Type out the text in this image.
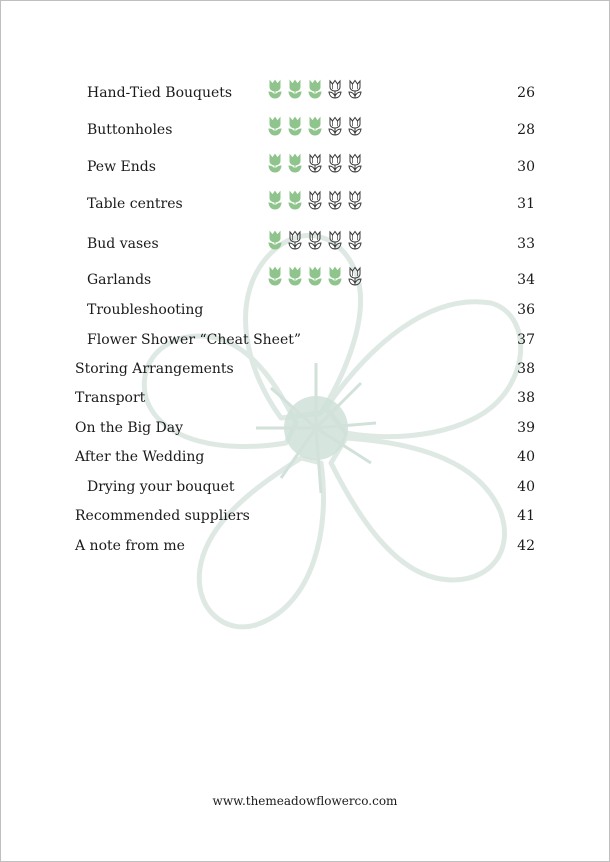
Hand-Tied Bouquets	26
Buttonholes	28
Pew Ends	30
Table centres	31
Bud vases	33
Garlands	34
Troubleshooting	36
Flower Shower “Cheat Sheet”	37
Storing Arrangements	38
Transport	38
On the Big Day	39
After the Wedding	40
Drying your bouquet	40
Recommended suppliers	41
A note from me	42
www.themeadowflowerco.com
